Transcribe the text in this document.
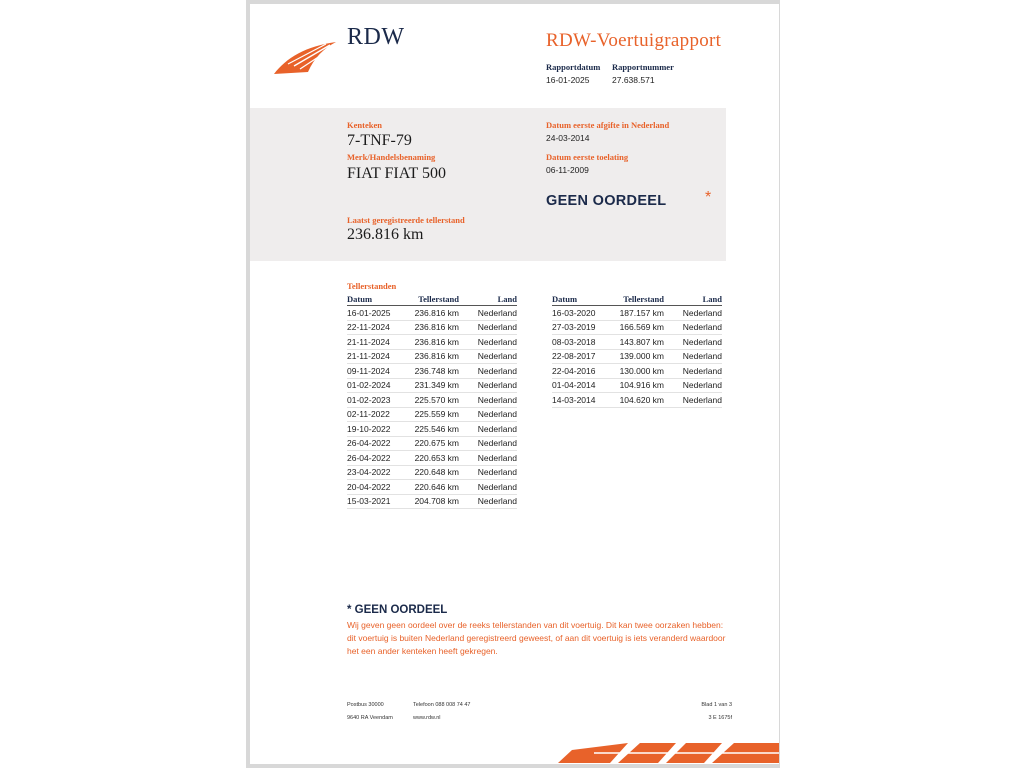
RDW	RDW-Voertuigrapport
Rapportdatum
16-01-2025
Rapportnummer
27.638.571
Kenteken
7-TNF-79
Merk/Handelsbenaming
FIAT FIAT 500
Laatst geregistreerde tellerstand
236.816 km
Datum eerste afgifte in Nederland
24-03-2014
Datum eerste toelating
06-11-2009
GEEN OORDEEL *
Tellerstanden
Datum	Tellerstand	Land
16-01-2025	236.816 km	Nederland
22-11-2024	236.816 km	Nederland
21-11-2024	236.816 km	Nederland
21-11-2024	236.816 km	Nederland
09-11-2024	236.748 km	Nederland
01-02-2024	231.349 km	Nederland
01-02-2023	225.570 km	Nederland
02-11-2022	225.559 km	Nederland
19-10-2022	225.546 km	Nederland
26-04-2022	220.675 km	Nederland
26-04-2022	220.653 km	Nederland
23-04-2022	220.648 km	Nederland
20-04-2022	220.646 km	Nederland
15-03-2021	204.708 km	Nederland
Datum	Tellerstand	Land
16-03-2020	187.157 km	Nederland
27-03-2019	166.569 km	Nederland
08-03-2018	143.807 km	Nederland
22-08-2017	139.000 km	Nederland
22-04-2016	130.000 km	Nederland
01-04-2014	104.916 km	Nederland
14-03-2014	104.620 km	Nederland
* GEEN OORDEEL
Wij geven geen oordeel over de reeks tellerstanden van dit voertuig. Dit kan twee oorzaken hebben: dit voertuig is buiten Nederland geregistreerd geweest, of aan dit voertuig is iets veranderd waardoor het een ander kenteken heeft gekregen.
Postbus 30000
9640 RA Veendam
Telefoon 088 008 74 47
www.rdw.nl
Blad 1 van 3
3 E 1675f
